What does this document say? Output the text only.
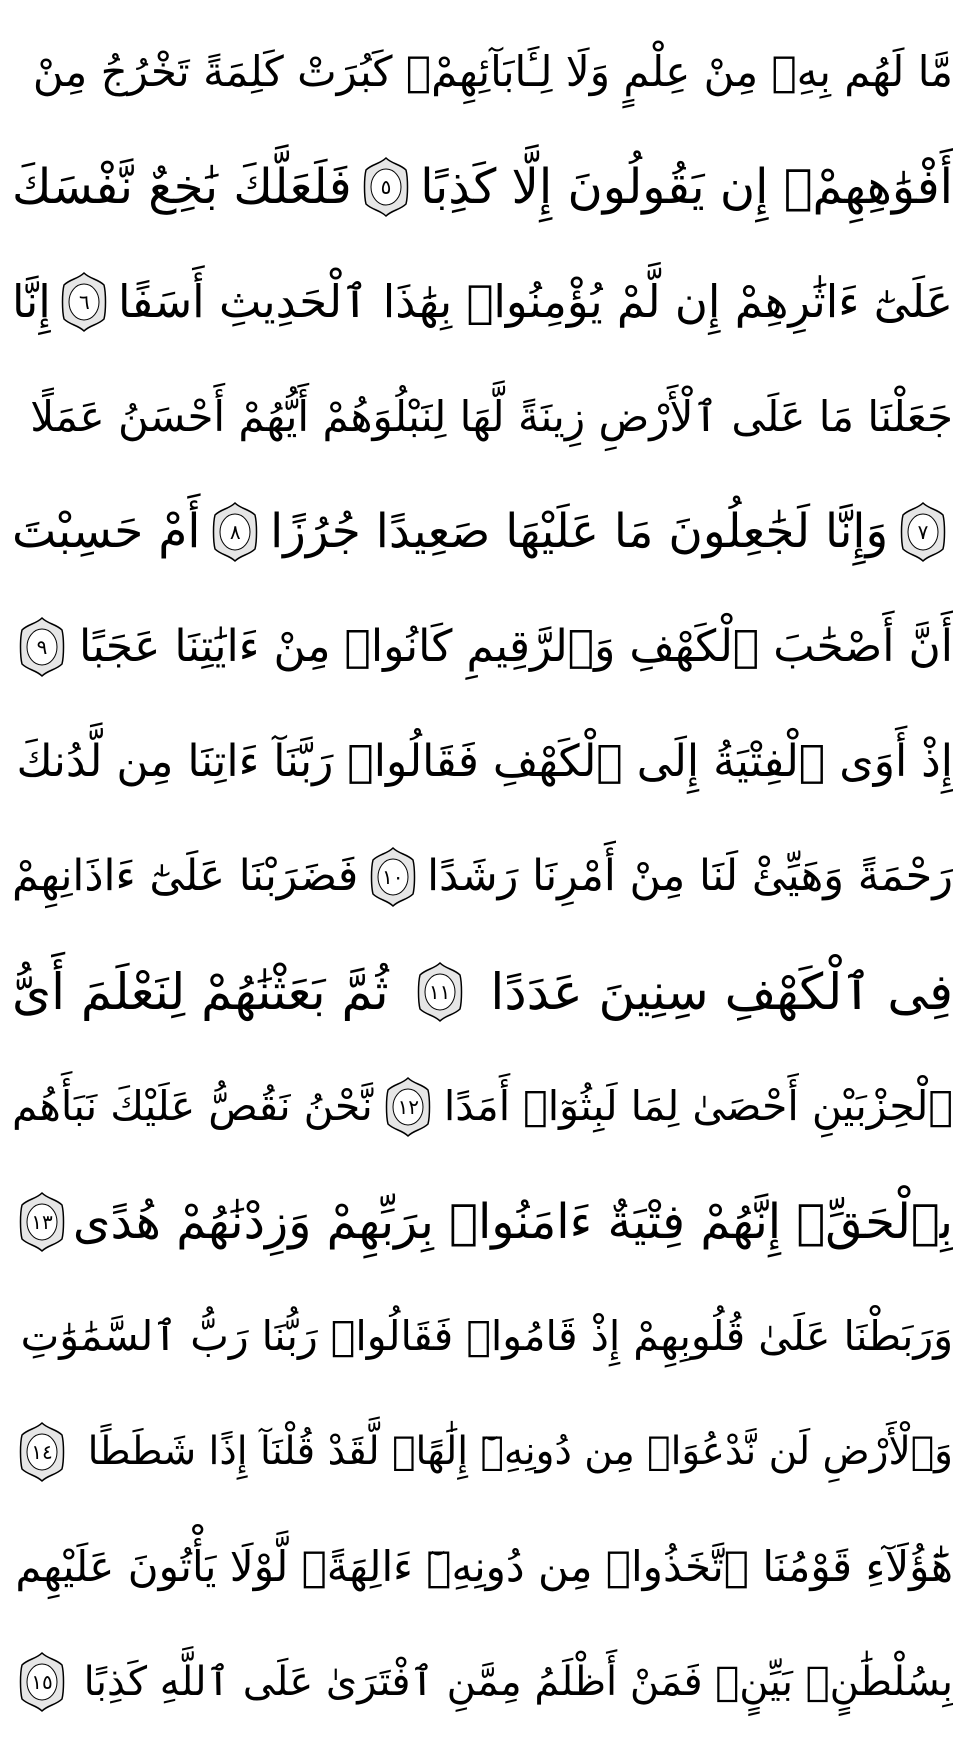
مَّا لَهُم بِهِۦ مِنْ عِلْمٍ وَلَا لِـَٔابَآئِهِمْۚ كَبُرَتْ كَلِمَةً تَخْرُجُ مِنْ
أَفْوَٰهِهِمْۚ إِن يَقُولُونَ إِلَّا كَذِبًا
٥
فَلَعَلَّكَ بَٰخِعٌ نَّفْسَكَ
عَلَىٰٓ ءَاثَٰرِهِمْ إِن لَّمْ يُؤْمِنُوا۟ بِهَٰذَا ٱلْحَدِيثِ أَسَفًا
٦
إِنَّا
جَعَلْنَا مَا عَلَى ٱلْأَرْضِ زِينَةً لَّهَا لِنَبْلُوَهُمْ أَيُّهُمْ أَحْسَنُ عَمَلًا
٧
وَإِنَّا لَجَٰعِلُونَ مَا عَلَيْهَا صَعِيدًا جُرُزًا
٨
أَمْ حَسِبْتَ
أَنَّ أَصْحَٰبَ ٱلْكَهْفِ وَٱلرَّقِيمِ كَانُوا۟ مِنْ ءَايَٰتِنَا عَجَبًا
٩
إِذْ أَوَى ٱلْفِتْيَةُ إِلَى ٱلْكَهْفِ فَقَالُوا۟ رَبَّنَآ ءَاتِنَا مِن لَّدُنكَ
رَحْمَةً وَهَيِّئْ لَنَا مِنْ أَمْرِنَا رَشَدًا
١٠
فَضَرَبْنَا عَلَىٰٓ ءَاذَانِهِمْ
فِى ٱلْكَهْفِ سِنِينَ عَدَدًا
١١
ثُمَّ بَعَثْنَٰهُمْ لِنَعْلَمَ أَىُّ
ٱلْحِزْبَيْنِ أَحْصَىٰ لِمَا لَبِثُوٓا۟ أَمَدًا
١٢
نَّحْنُ نَقُصُّ عَلَيْكَ نَبَأَهُم
بِٱلْحَقِّۚ إِنَّهُمْ فِتْيَةٌ ءَامَنُوا۟ بِرَبِّهِمْ وَزِدْنَٰهُمْ هُدًى
١٣
وَرَبَطْنَا عَلَىٰ قُلُوبِهِمْ إِذْ قَامُوا۟ فَقَالُوا۟ رَبُّنَا رَبُّ ٱلسَّمَٰوَٰتِ
وَٱلْأَرْضِ لَن نَّدْعُوَا۟ مِن دُونِهِۦٓ إِلَٰهًاۖ لَّقَدْ قُلْنَآ إِذًا شَطَطًا
١٤
هَٰٓؤُلَآءِ قَوْمُنَا ٱتَّخَذُوا۟ مِن دُونِهِۦٓ ءَالِهَةًۖ لَّوْلَا يَأْتُونَ عَلَيْهِم
بِسُلْطَٰنٍۭ بَيِّنٍۖ فَمَنْ أَظْلَمُ مِمَّنِ ٱفْتَرَىٰ عَلَى ٱللَّهِ كَذِبًا
١٥
